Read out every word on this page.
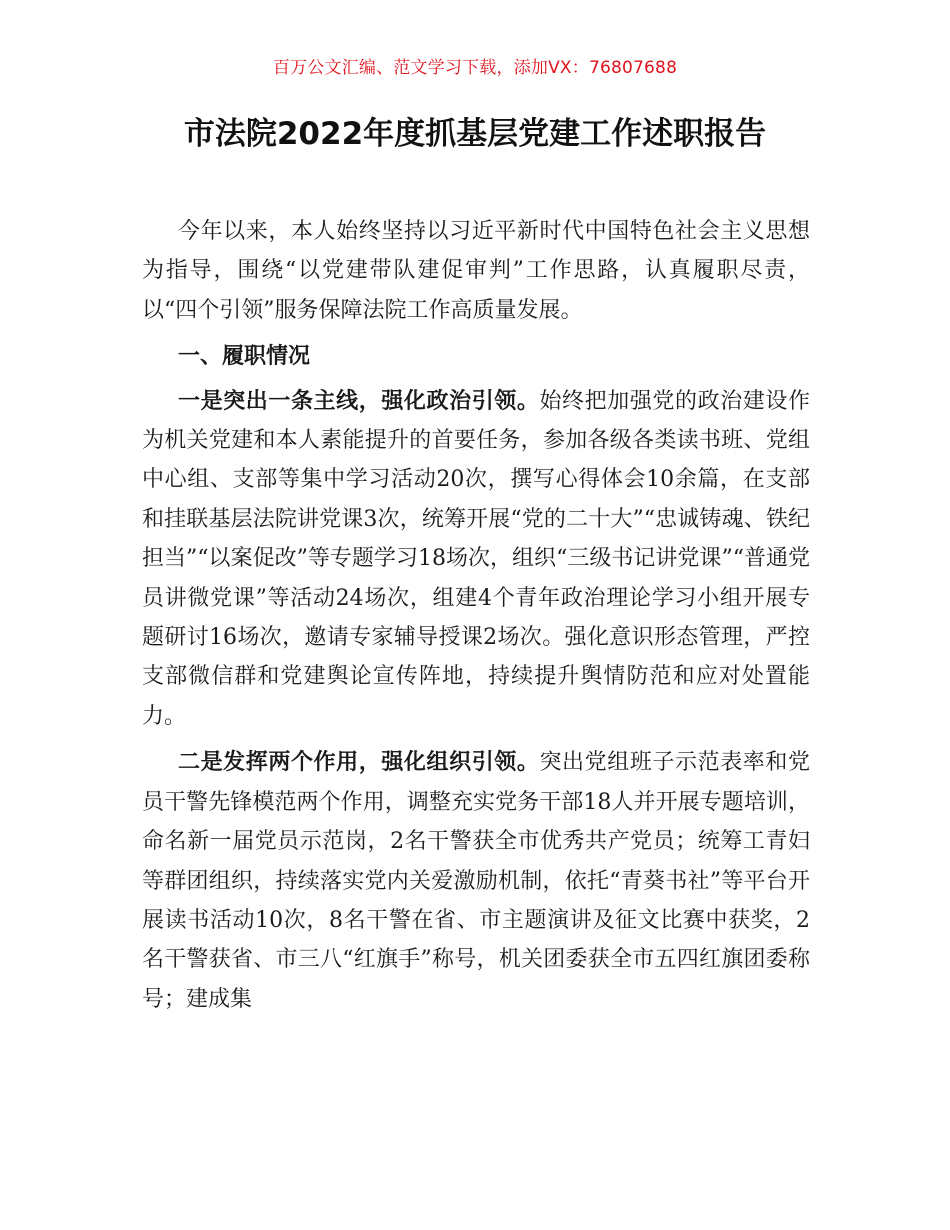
百万公文汇编、范文学习下载，添加VX：76807688
市法院2022年度抓基层党建工作述职报告

今年以来，本人始终坚持以习近平新时代中国特色社会主义思想为指导，围绕“以党建带队建促审判”工作思路，认真履职尽责，以“四个引领”服务保障法院工作高质量发展。

一、履职情况

一是突出一条主线，强化政治引领。始终把加强党的政治建设作为机关党建和本人素能提升的首要任务，参加各级各类读书班、党组中心组、支部等集中学习活动20次，撰写心得体会10余篇，在支部和挂联基层法院讲党课3次，统筹开展“党的二十大”“忠诚铸魂、铁纪担当”“以案促改”等专题学习18场次，组织“三级书记讲党课”“普通党员讲微党课”等活动24场次，组建4个青年政治理论学习小组开展专题研讨16场次，邀请专家辅导授课2场次。强化意识形态管理，严控支部微信群和党建舆论宣传阵地，持续提升舆情防范和应对处置能力。

二是发挥两个作用，强化组织引领。突出党组班子示范表率和党员干警先锋模范两个作用，调整充实党务干部18人并开展专题培训，命名新一届党员示范岗，2名干警获全市优秀共产党员；统筹工青妇等群团组织，持续落实党内关爱激励机制，依托“青葵书社”等平台开展读书活动10次，8名干警在省、市主题演讲及征文比赛中获奖，2名干警获省、市三八“红旗手”称号，机关团委获全市五四红旗团委称号；建成集
